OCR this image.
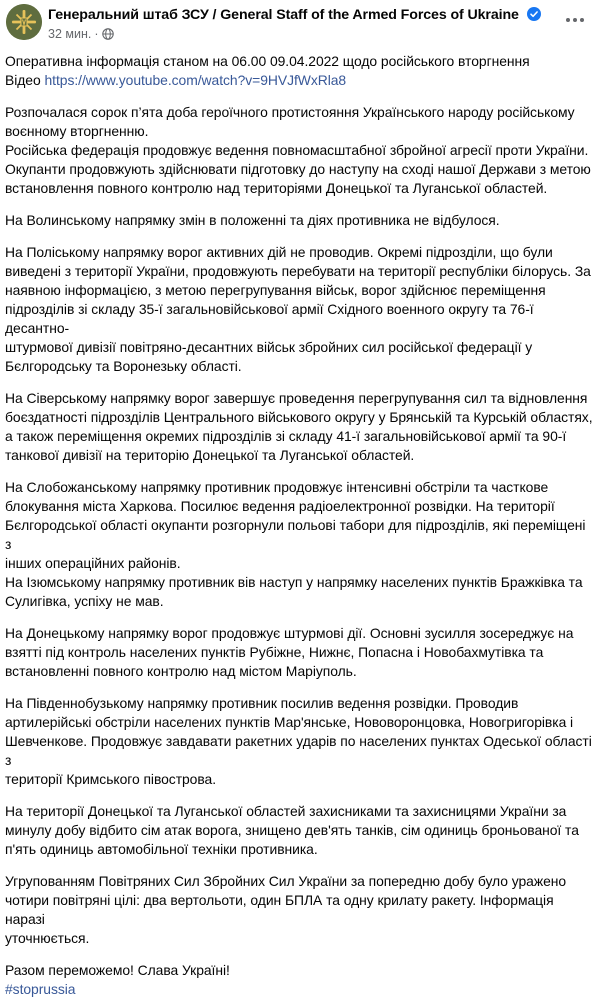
Генеральний штаб ЗСУ / General Staff of the Armed Forces of Ukraine
32 мин. ·
Оперативна інформація станом на 06.00 09.04.2022 щодо російського вторгнення
Відео https://www.youtube.com/watch?v=9HVJfWxRla8
Розпочалася сорок п’ята доба героїчного протистояння Українського народу російському
воєнному вторгненню.
Російська федерація продовжує ведення повномасштабної збройної агресії проти України.
Окупанти продовжують здійснювати підготовку до наступу на сході нашої Держави з метою
встановлення повного контролю над територіями Донецької та Луганської областей.
На Волинському напрямку змін в положенні та діях противника не відбулося.
На Поліському напрямку ворог активних дій не проводив. Окремі підрозділи, що були
виведені з території України, продовжують перебувати на території республіки білорусь. За
наявною інформацією, з метою перегрупування військ, ворог здійснює переміщення
підрозділів зі складу 35-ї загальновійськової армії Східного военного округу та 76-ї десантно-
штурмової дивізії повітряно-десантних військ збройних сил російської федерації у
Бєлгородську та Воронезьку області.
На Сіверському напрямку ворог завершує проведення перегрупування сил та відновлення
боєздатності підрозділів Центрального військового округу у Брянській та Курській областях,
а також переміщення окремих підрозділів зі складу 41-ї загальновійськової армії та 90-ї
танкової дивізії на територію Донецької та Луганської областей.
На Слобожанському напрямку противник продовжує інтенсивні обстріли та часткове
блокування міста Харкова. Посилює ведення радіоелектронної розвідки. На території
Бєлгородської області окупанти розгорнули польові табори для підрозділів, які переміщені з
інших операційних районів.
На Ізюмському напрямку противник вів наступ у напрямку населених пунктів Бражківка та
Сулигівка, успіху не мав.
На Донецькому напрямку ворог продовжує штурмові дії. Основні зусилля зосереджує на
взятті під контроль населених пунктів Рубіжне, Нижнє, Попасна і Новобахмутівка та
встановленні повного контролю над містом Маріуполь.
На Південнобузькому напрямку противник посилив ведення розвідки. Проводив
артилерійські обстріли населених пунктів Мар'янське, Нововоронцовка, Новогригорівка і
Шевченкове. Продовжує завдавати ракетних ударів по населених пунктах Одеської області з
території Кримського півострова.
На території Донецької та Луганської областей захисниками та захисницями України за
минулу добу відбито сім атак ворога, знищено дев'ять танків, сім одиниць броньованої та
п'ять одиниць автомобільної техніки противника.
Угрупованням Повітряних Сил Збройних Сил України за попередню добу було уражено
чотири повітряні цілі: два вертольоти, один БПЛА та одну крилату ракету. Інформація наразі
уточнюється.
Разом переможемо! Слава Україні!
#stoprussia
